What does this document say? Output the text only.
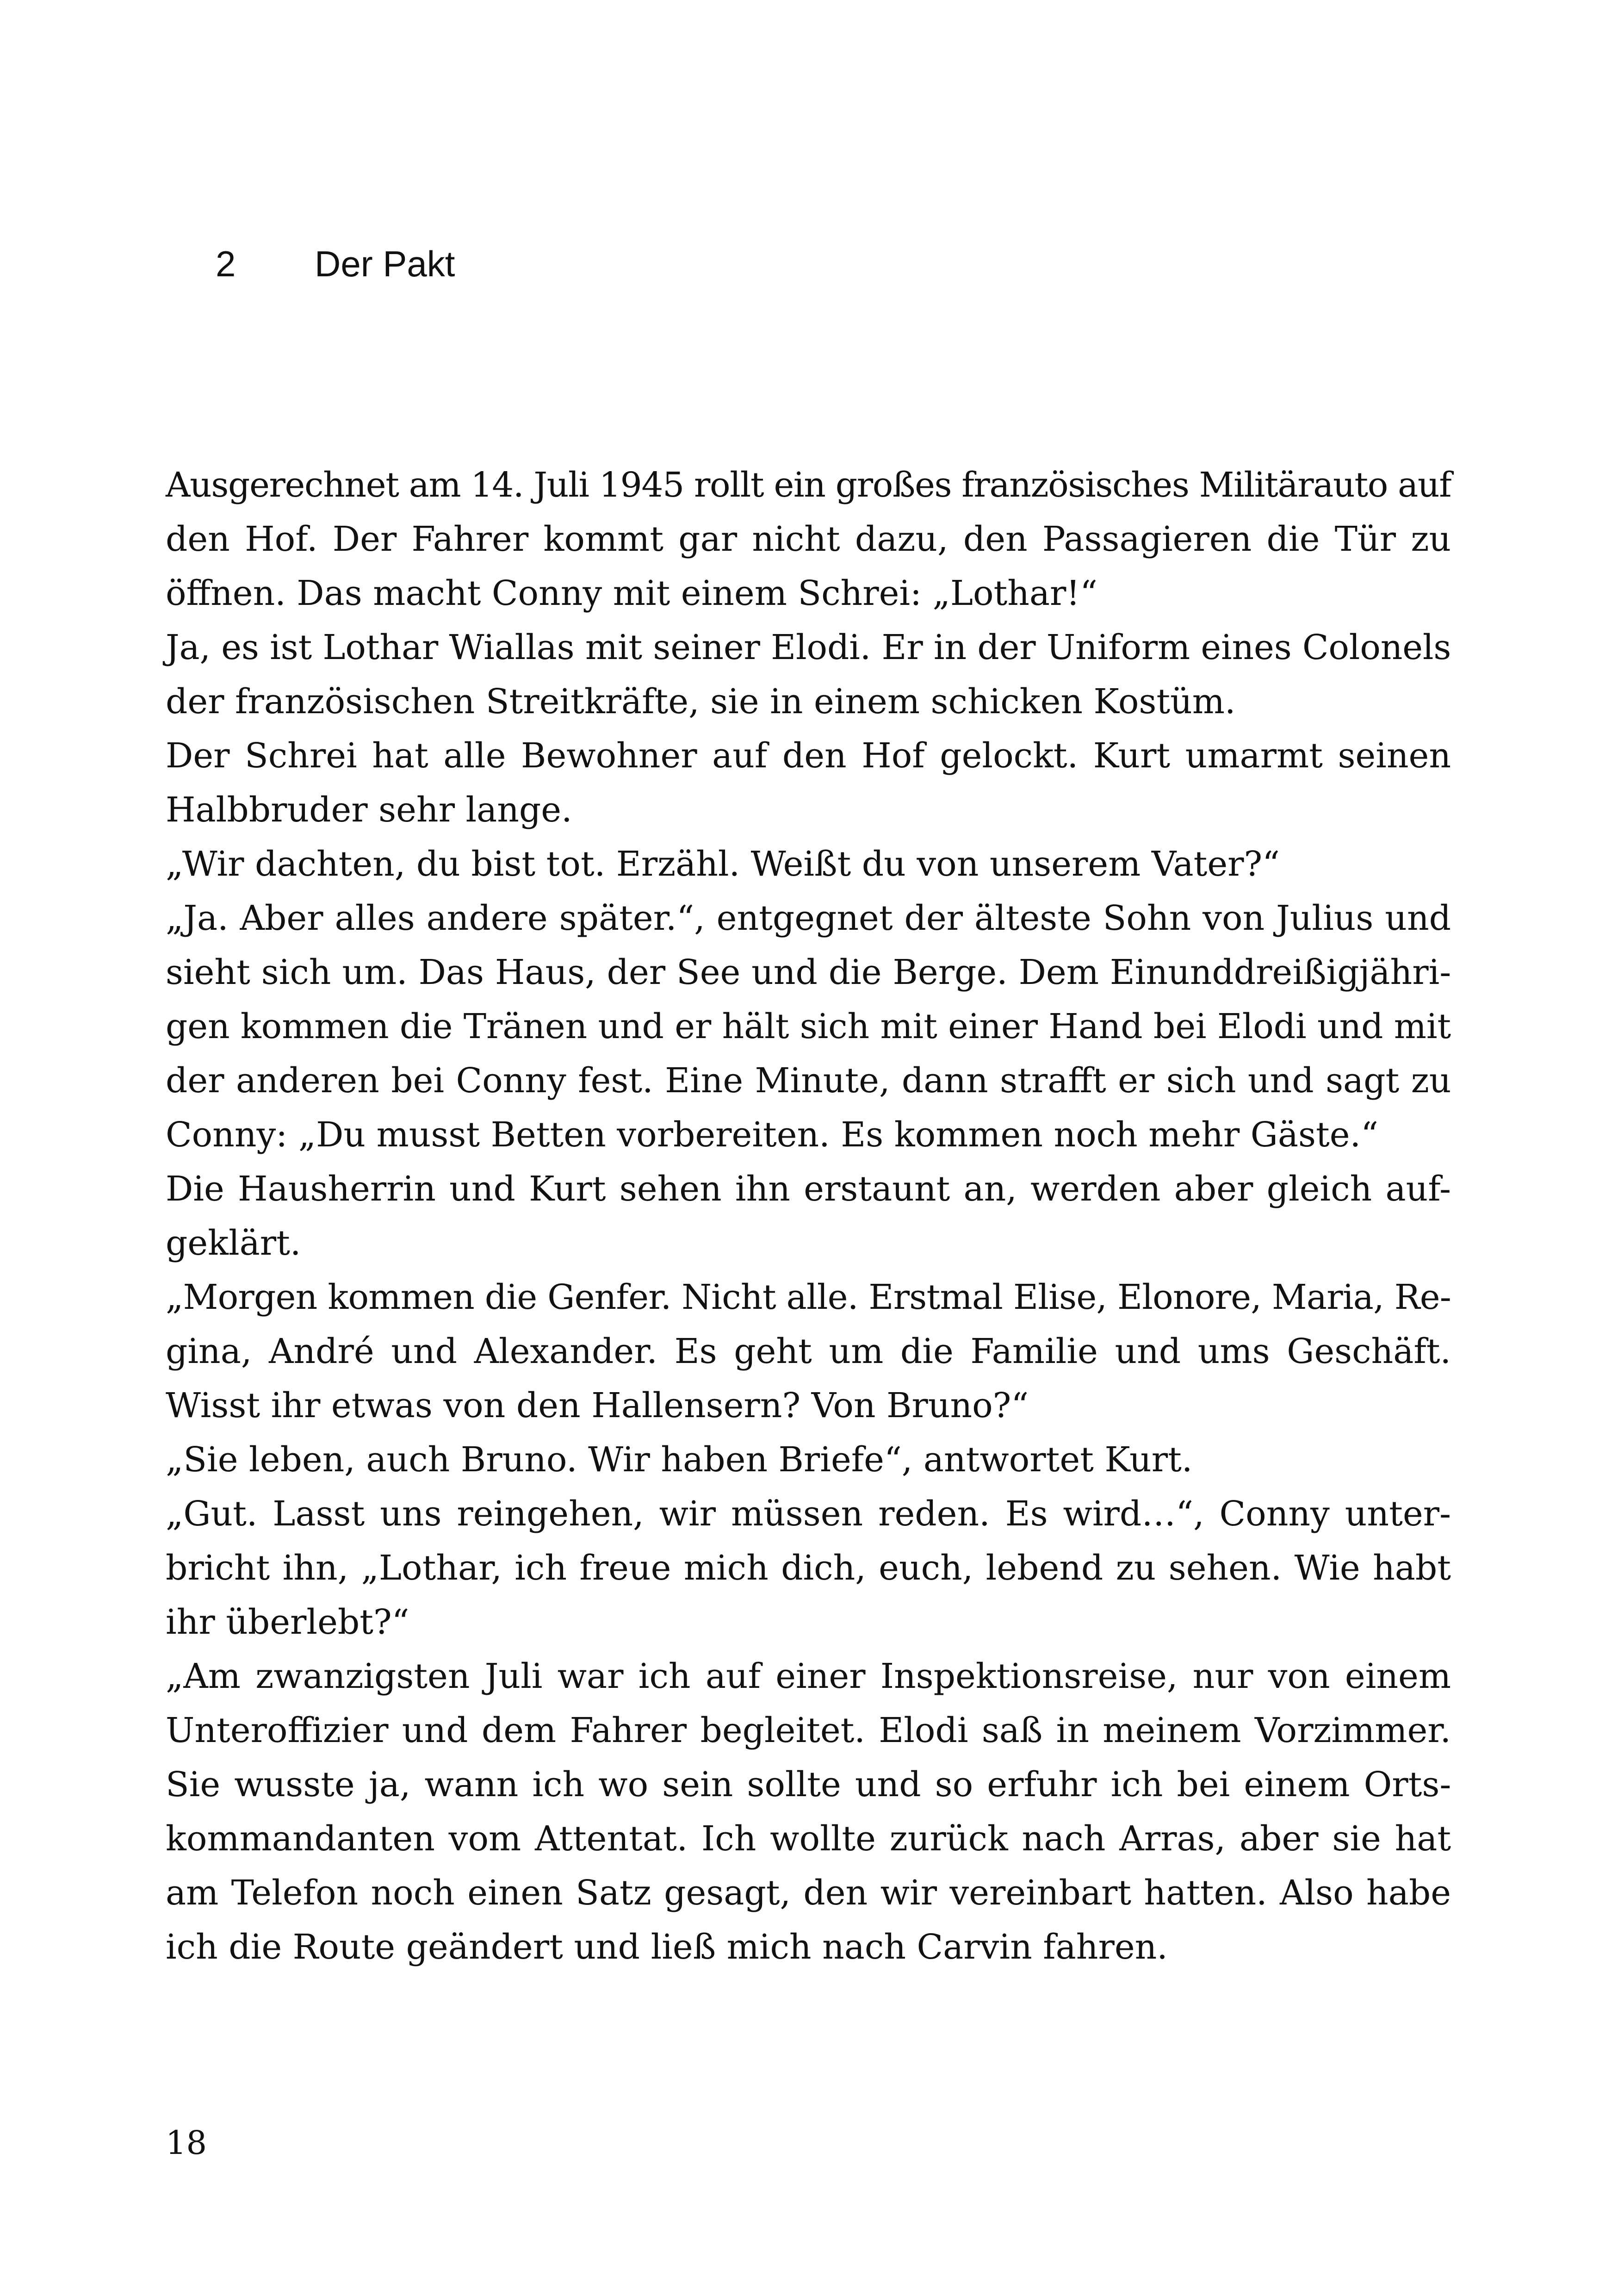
2 Der Pakt
Ausgerechnet am 14. Juli 1945 rollt ein großes französisches Militärauto auf
den Hof. Der Fahrer kommt gar nicht dazu, den Passagieren die Tür zu
öffnen. Das macht Conny mit einem Schrei: „Lothar!“
Ja, es ist Lothar Wiallas mit seiner Elodi. Er in der Uniform eines Colonels
der französischen Streitkräfte, sie in einem schicken Kostüm.
Der Schrei hat alle Bewohner auf den Hof gelockt. Kurt umarmt seinen
Halbbruder sehr lange.
„Wir dachten, du bist tot. Erzähl. Weißt du von unserem Vater?“
„Ja. Aber alles andere später.“, entgegnet der älteste Sohn von Julius und
sieht sich um. Das Haus, der See und die Berge. Dem Einunddreißigjähri-
gen kommen die Tränen und er hält sich mit einer Hand bei Elodi und mit
der anderen bei Conny fest. Eine Minute, dann strafft er sich und sagt zu
Conny: „Du musst Betten vorbereiten. Es kommen noch mehr Gäste.“
Die Hausherrin und Kurt sehen ihn erstaunt an, werden aber gleich auf-
geklärt.
„Morgen kommen die Genfer. Nicht alle. Erstmal Elise, Elonore, Maria, Re-
gina, André und Alexander. Es geht um die Familie und ums Geschäft.
Wisst ihr etwas von den Hallensern? Von Bruno?“
„Sie leben, auch Bruno. Wir haben Briefe“, antwortet Kurt.
„Gut. Lasst uns reingehen, wir müssen reden. Es wird…“, Conny unter-
bricht ihn, „Lothar, ich freue mich dich, euch, lebend zu sehen. Wie habt
ihr überlebt?“
„Am zwanzigsten Juli war ich auf einer Inspektionsreise, nur von einem
Unteroffizier und dem Fahrer begleitet. Elodi saß in meinem Vorzimmer.
Sie wusste ja, wann ich wo sein sollte und so erfuhr ich bei einem Orts-
kommandanten vom Attentat. Ich wollte zurück nach Arras, aber sie hat
am Telefon noch einen Satz gesagt, den wir vereinbart hatten. Also habe
ich die Route geändert und ließ mich nach Carvin fahren.
18
